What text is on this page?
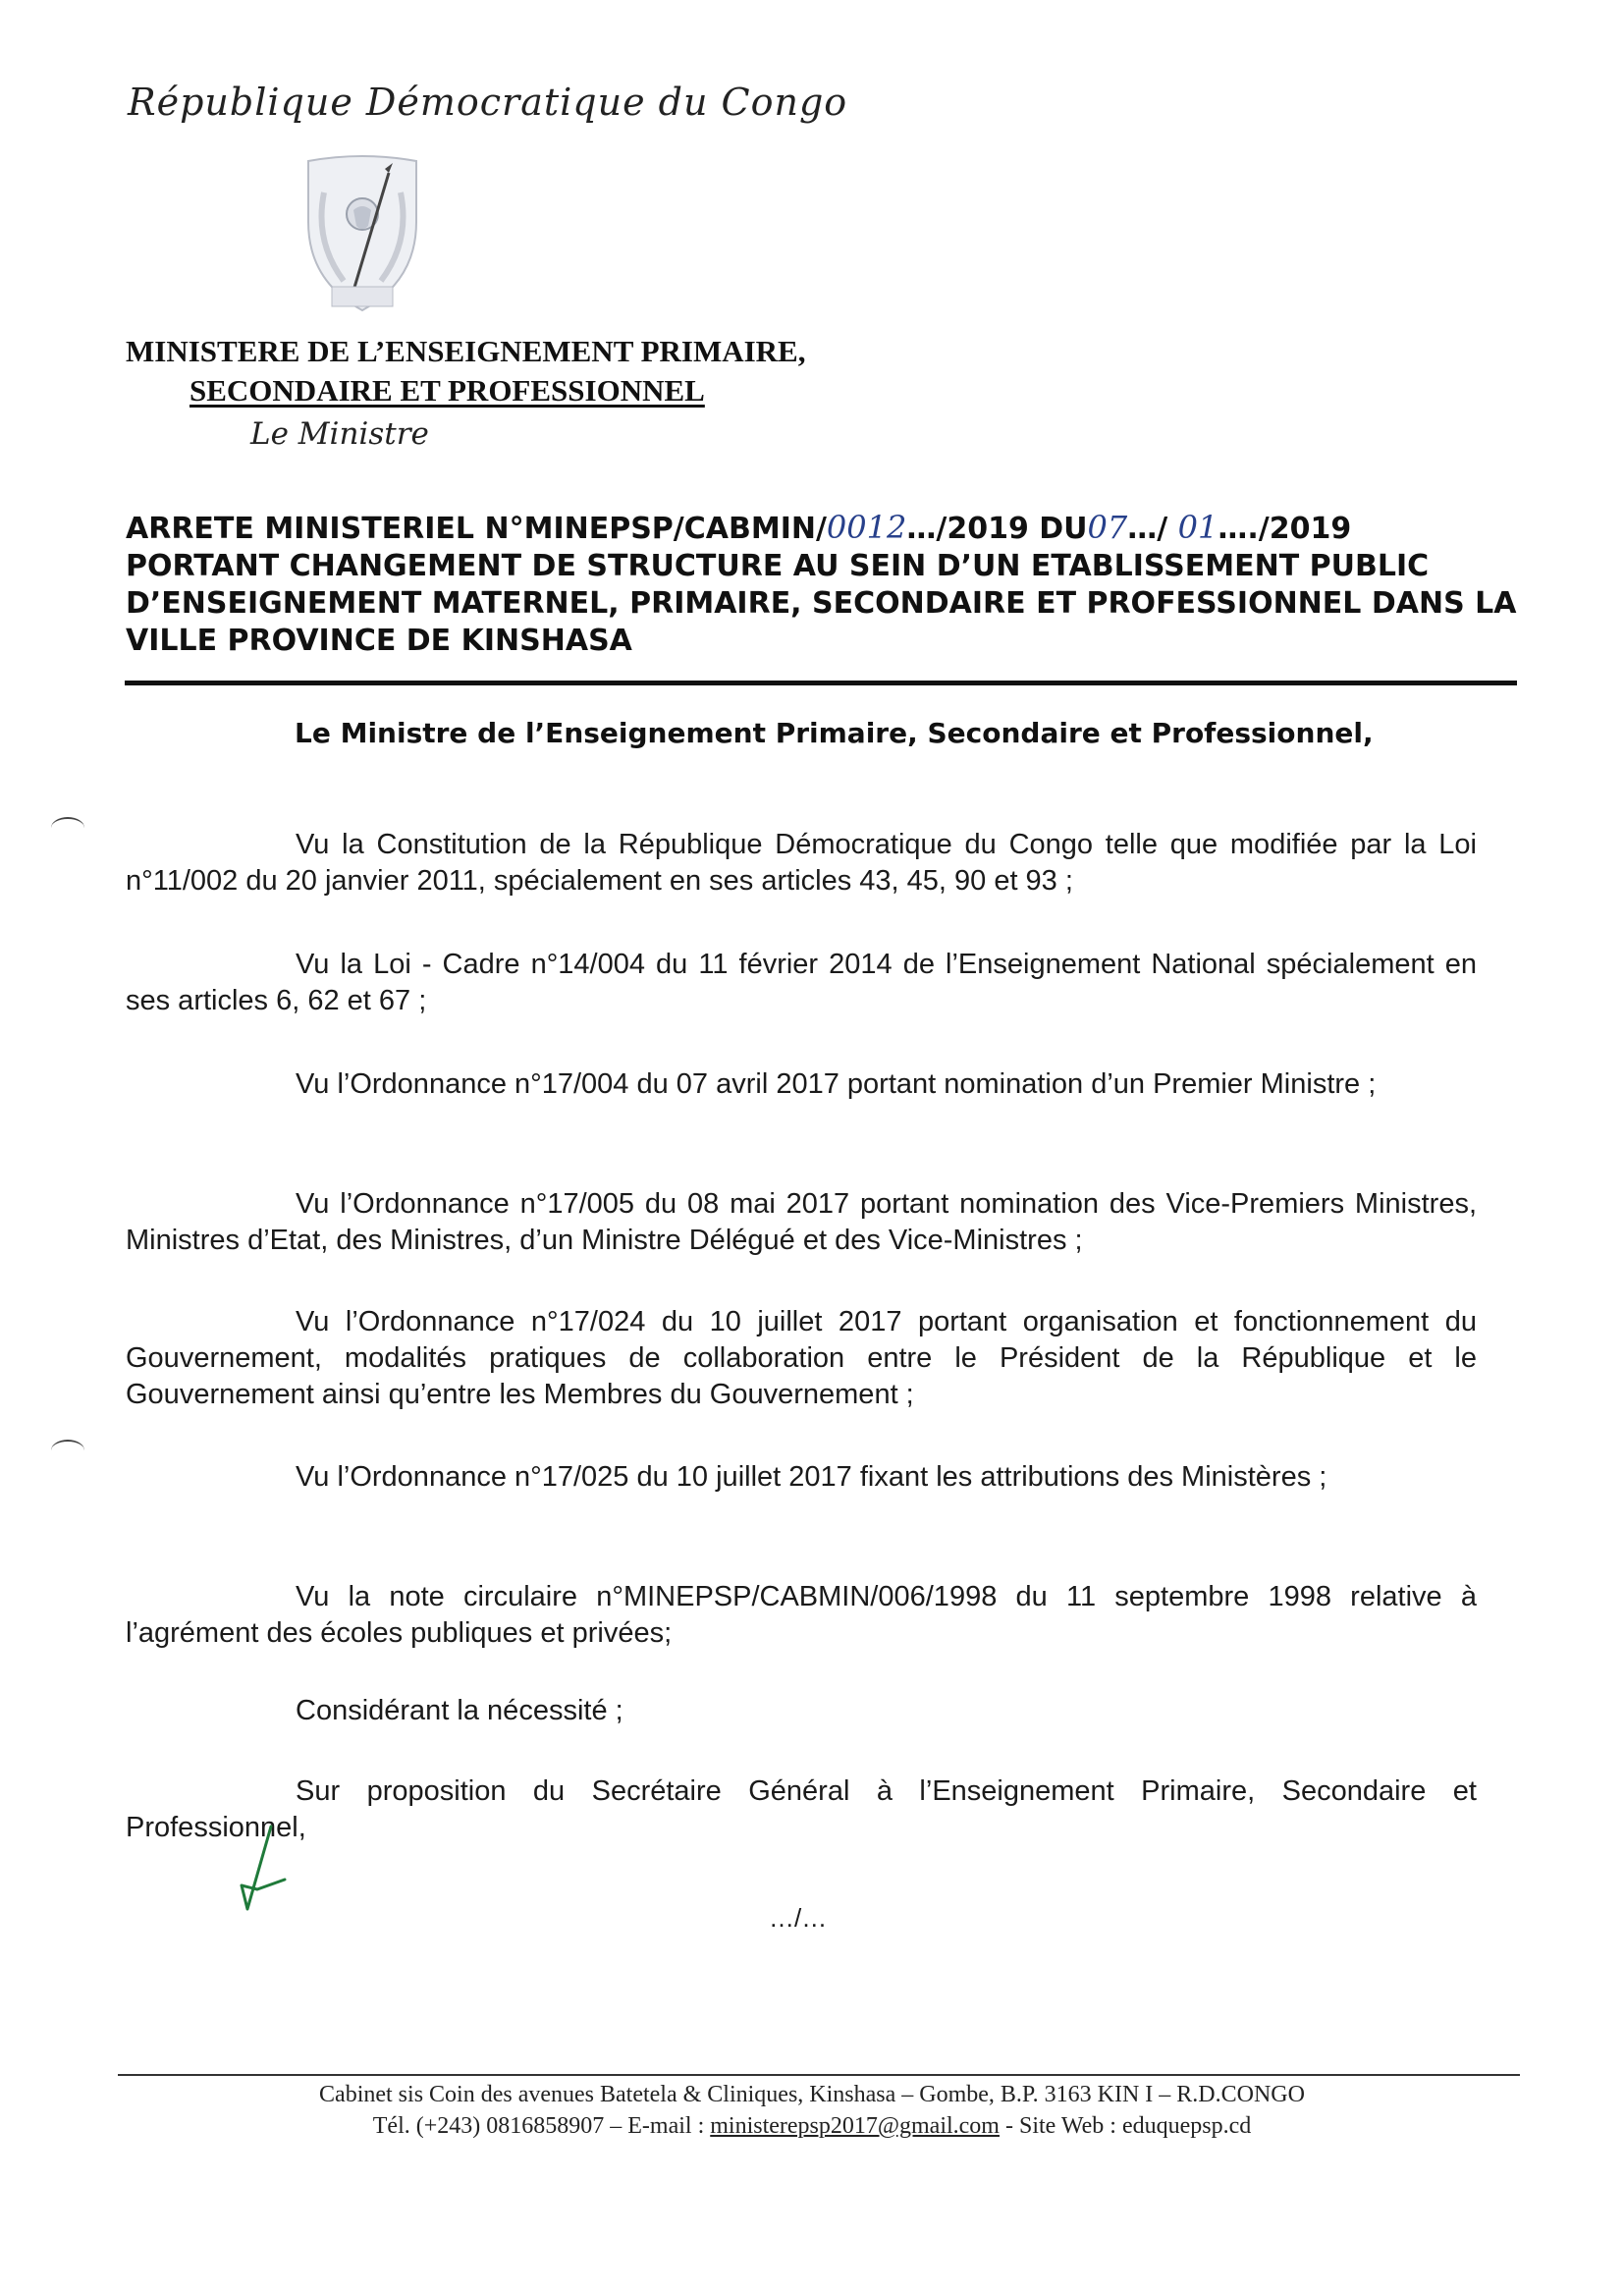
République Démocratique du Congo
MINISTERE DE L’ENSEIGNEMENT PRIMAIRE,
SECONDAIRE ET PROFESSIONNEL
Le Ministre
ARRETE MINISTERIEL N°MINEPSP/CABMIN/0012…/2019 DU07…/ 01…./2019
PORTANT CHANGEMENT DE STRUCTURE AU SEIN D’UN ETABLISSEMENT PUBLIC D’ENSEIGNEMENT MATERNEL, PRIMAIRE, SECONDAIRE ET PROFESSIONNEL DANS LA VILLE PROVINCE DE KINSHASA
Le Ministre de l’Enseignement Primaire, Secondaire et Professionnel,

Vu la Constitution de la République Démocratique du Congo telle que modifiée par la Loi n°11/002 du 20 janvier 2011, spécialement en ses articles 43, 45, 90 et 93 ;

Vu la Loi - Cadre n°14/004 du 11 février 2014 de l’Enseignement National spécialement en ses articles 6, 62 et 67 ;

Vu l’Ordonnance n°17/004 du 07 avril 2017 portant nomination d’un Premier Ministre ;

Vu l’Ordonnance n°17/005 du 08 mai 2017 portant nomination des Vice-Premiers Ministres, Ministres d’Etat, des Ministres, d’un Ministre Délégué et des Vice-Ministres ;

Vu l’Ordonnance n°17/024 du 10 juillet 2017 portant organisation et fonctionnement du Gouvernement, modalités pratiques de collaboration entre le Président de la République et le Gouvernement ainsi qu’entre les Membres du Gouvernement ;

Vu l’Ordonnance n°17/025 du 10 juillet 2017 fixant les attributions des Ministères ;

Vu la note circulaire n°MINEPSP/CABMIN/006/1998 du 11 septembre 1998 relative à l’agrément des écoles publiques et privées;

Considérant la nécessité ;

Sur proposition du Secrétaire Général à l’Enseignement Primaire, Secondaire et Professionnel,

…/…
Cabinet sis Coin des avenues Batetela & Cliniques, Kinshasa – Gombe, B.P. 3163 KIN I – R.D.CONGO
Tél. (+243) 0816858907 – E-mail : ministerepsp2017@gmail.com - Site Web : eduquepsp.cd
